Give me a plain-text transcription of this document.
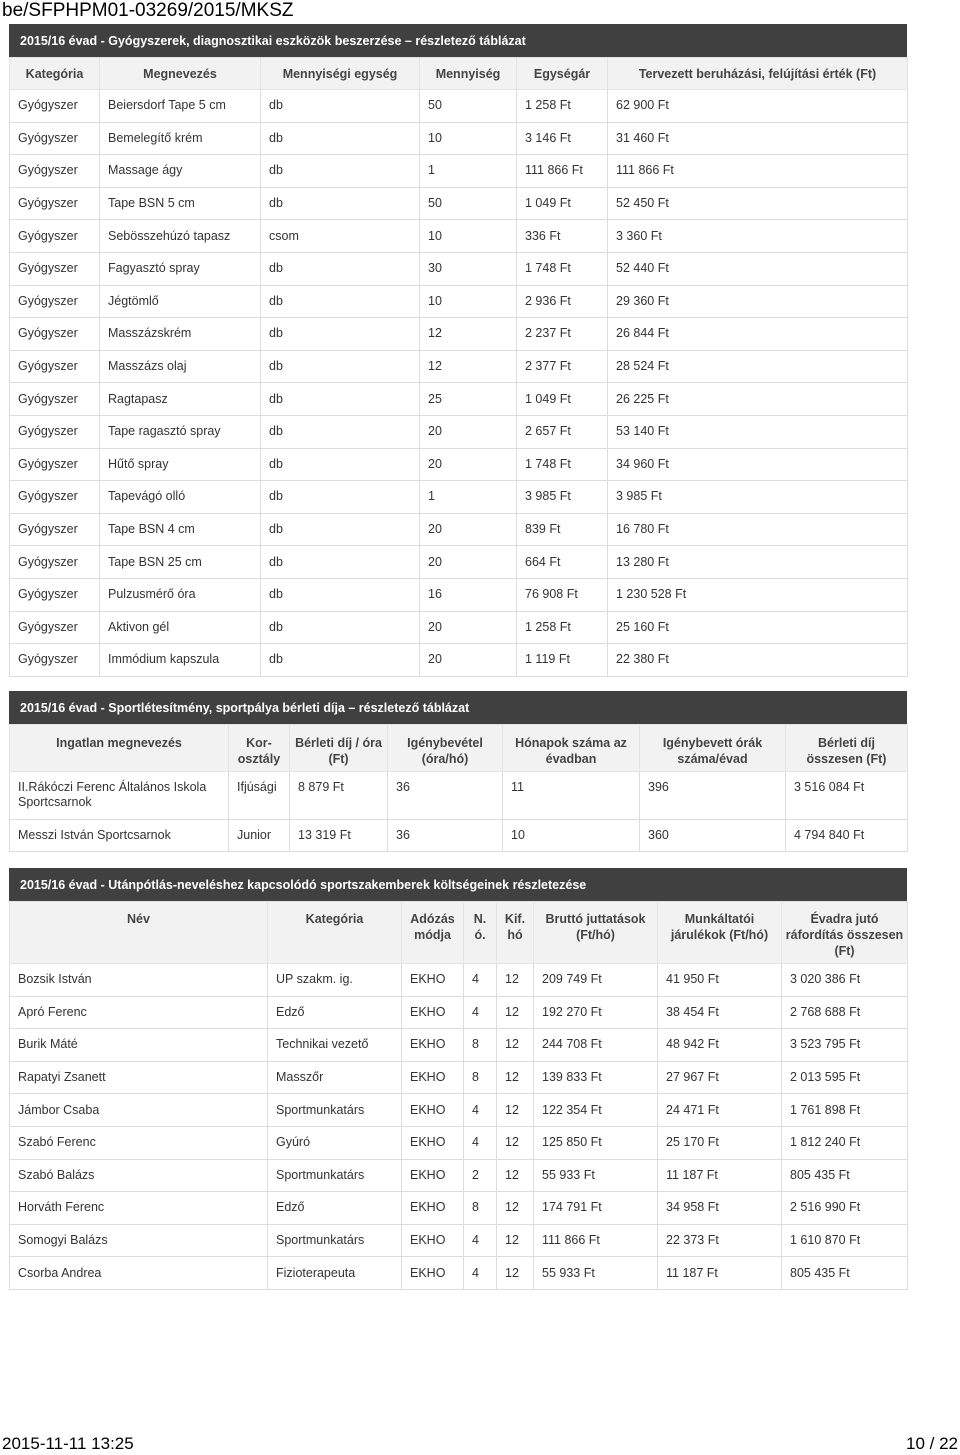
be/SFPHPM01-03269/2015/MKSZ
2015/16 évad - Gyógyszerek, diagnosztikai eszközök beszerzése – részletező táblázat
Kategória	Megnevezés	Mennyiségi egység	Mennyiség	Egységár	Tervezett beruházási, felújítási érték (Ft)
Gyógyszer	Beiersdorf Tape 5 cm	db	50	1 258 Ft	62 900 Ft
Gyógyszer	Bemelegítő krém	db	10	3 146 Ft	31 460 Ft
Gyógyszer	Massage ágy	db	1	111 866 Ft	111 866 Ft
Gyógyszer	Tape BSN 5 cm	db	50	1 049 Ft	52 450 Ft
Gyógyszer	Sebösszehúzó tapasz	csom	10	336 Ft	3 360 Ft
Gyógyszer	Fagyasztó spray	db	30	1 748 Ft	52 440 Ft
Gyógyszer	Jégtömlő	db	10	2 936 Ft	29 360 Ft
Gyógyszer	Masszázskrém	db	12	2 237 Ft	26 844 Ft
Gyógyszer	Masszázs olaj	db	12	2 377 Ft	28 524 Ft
Gyógyszer	Ragtapasz	db	25	1 049 Ft	26 225 Ft
Gyógyszer	Tape ragasztó spray	db	20	2 657 Ft	53 140 Ft
Gyógyszer	Hűtő spray	db	20	1 748 Ft	34 960 Ft
Gyógyszer	Tapevágó olló	db	1	3 985 Ft	3 985 Ft
Gyógyszer	Tape BSN 4 cm	db	20	839 Ft	16 780 Ft
Gyógyszer	Tape BSN 25 cm	db	20	664 Ft	13 280 Ft
Gyógyszer	Pulzusmérő óra	db	16	76 908 Ft	1 230 528 Ft
Gyógyszer	Aktivon gél	db	20	1 258 Ft	25 160 Ft
Gyógyszer	Immódium kapszula	db	20	1 119 Ft	22 380 Ft
2015/16 évad - Sportlétesítmény, sportpálya bérleti díja – részletező táblázat
Ingatlan megnevezés	Kor-osztály	Bérleti díj / óra (Ft)	Igénybevétel (óra/hó)	Hónapok száma az évadban	Igénybevett órák száma/évad	Bérleti díj összesen (Ft)
II.Rákóczi Ferenc Általános Iskola Sportcsarnok	Ifjúsági	8 879 Ft	36	11	396	3 516 084 Ft
Messzi István Sportcsarnok	Junior	13 319 Ft	36	10	360	4 794 840 Ft
2015/16 évad - Utánpótlás-neveléshez kapcsolódó sportszakemberek költségeinek részletezése
Név	Kategória	Adózás módja	N. ó.	Kif. hó	Bruttó juttatások (Ft/hó)	Munkáltatói járulékok (Ft/hó)	Évadra jutó ráfordítás összesen (Ft)
Bozsik István	UP szakm. ig.	EKHO	4	12	209 749 Ft	41 950 Ft	3 020 386 Ft
Apró Ferenc	Edző	EKHO	4	12	192 270 Ft	38 454 Ft	2 768 688 Ft
Burik Máté	Technikai vezető	EKHO	8	12	244 708 Ft	48 942 Ft	3 523 795 Ft
Rapatyi Zsanett	Masszőr	EKHO	8	12	139 833 Ft	27 967 Ft	2 013 595 Ft
Jámbor Csaba	Sportmunkatárs	EKHO	4	12	122 354 Ft	24 471 Ft	1 761 898 Ft
Szabó Ferenc	Gyúró	EKHO	4	12	125 850 Ft	25 170 Ft	1 812 240 Ft
Szabó Balázs	Sportmunkatárs	EKHO	2	12	55 933 Ft	11 187 Ft	805 435 Ft
Horváth Ferenc	Edző	EKHO	8	12	174 791 Ft	34 958 Ft	2 516 990 Ft
Somogyi Balázs	Sportmunkatárs	EKHO	4	12	111 866 Ft	22 373 Ft	1 610 870 Ft
Csorba Andrea	Fizioterapeuta	EKHO	4	12	55 933 Ft	11 187 Ft	805 435 Ft
2015-11-11 13:25	10 / 22
